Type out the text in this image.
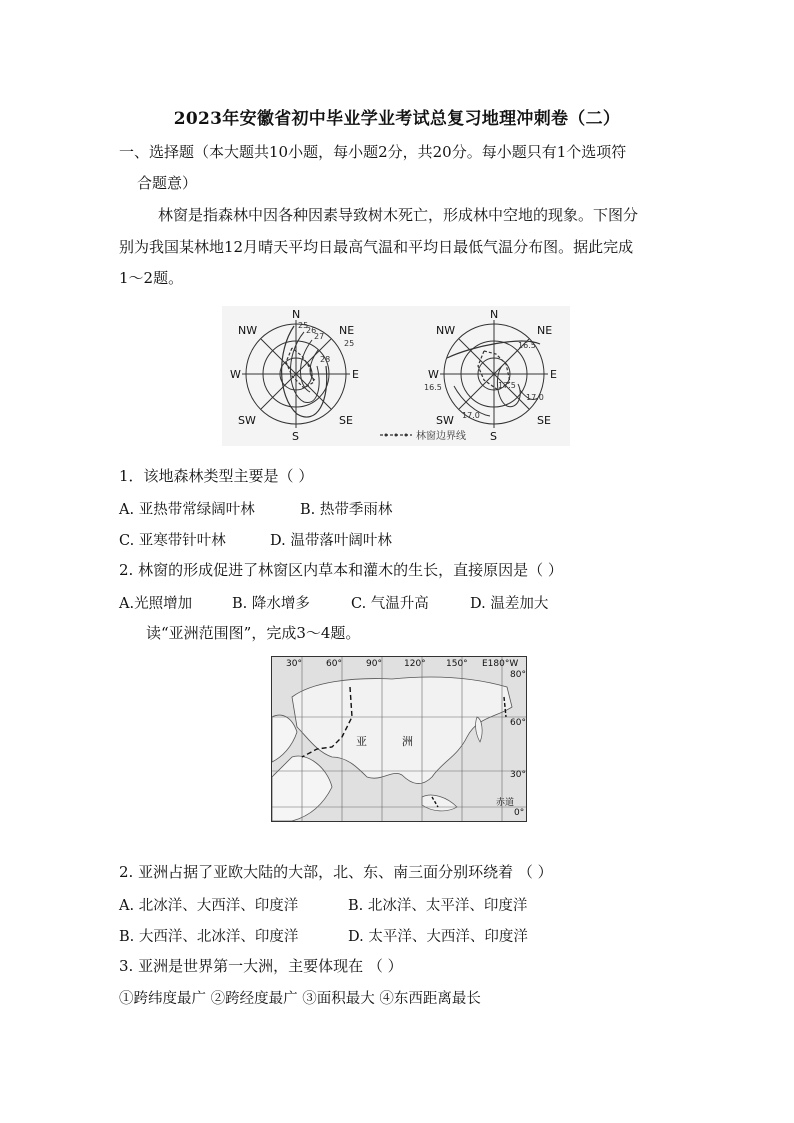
2023年安徽省初中毕业学业考试总复习地理冲刺卷（二）
一、选择题（本大题共10小题，每小题2分，共20分。每小题只有1个选项符
合题意）
林窗是指森林中因各种因素导致树木死亡，形成林中空地的现象。下图分
别为我国某林地12月晴天平均日最高气温和平均日最低气温分布图。据此完成
1～2题。
N
NE
E
SE
S
SW
W
NW	25
26
27
28
25
N
NE
E
SE
S
SW
W
NW
16.5
16.5	17.5
17.0
17.0
林窗边界线
1．该地森林类型主要是（ ）
A. 亚热带常绿阔叶林	B. 热带季雨林
C. 亚寒带针叶林	D. 温带落叶阔叶林
2. 林窗的形成促进了林窗区内草本和灌木的生长，直接原因是（ ）
A.光照增加	B. 降水增多	C. 气温升高	D. 温差加大
读“亚洲范围图”，完成3～4题。
30°	60°	90° 120° 150° E180°W
80°
60°
30°
0°
赤道
亚	洲
2. 亚洲占据了亚欧大陆的大部，北、东、南三面分别环绕着 （ ）
A. 北冰洋、大西洋、印度洋	B. 北冰洋、太平洋、印度洋
B. 大西洋、北冰洋、印度洋	D. 太平洋、大西洋、印度洋
3. 亚洲是世界第一大洲，主要体现在 （ ）
①跨纬度最广 ②跨经度最广 ③面积最大 ④东西距离最长
